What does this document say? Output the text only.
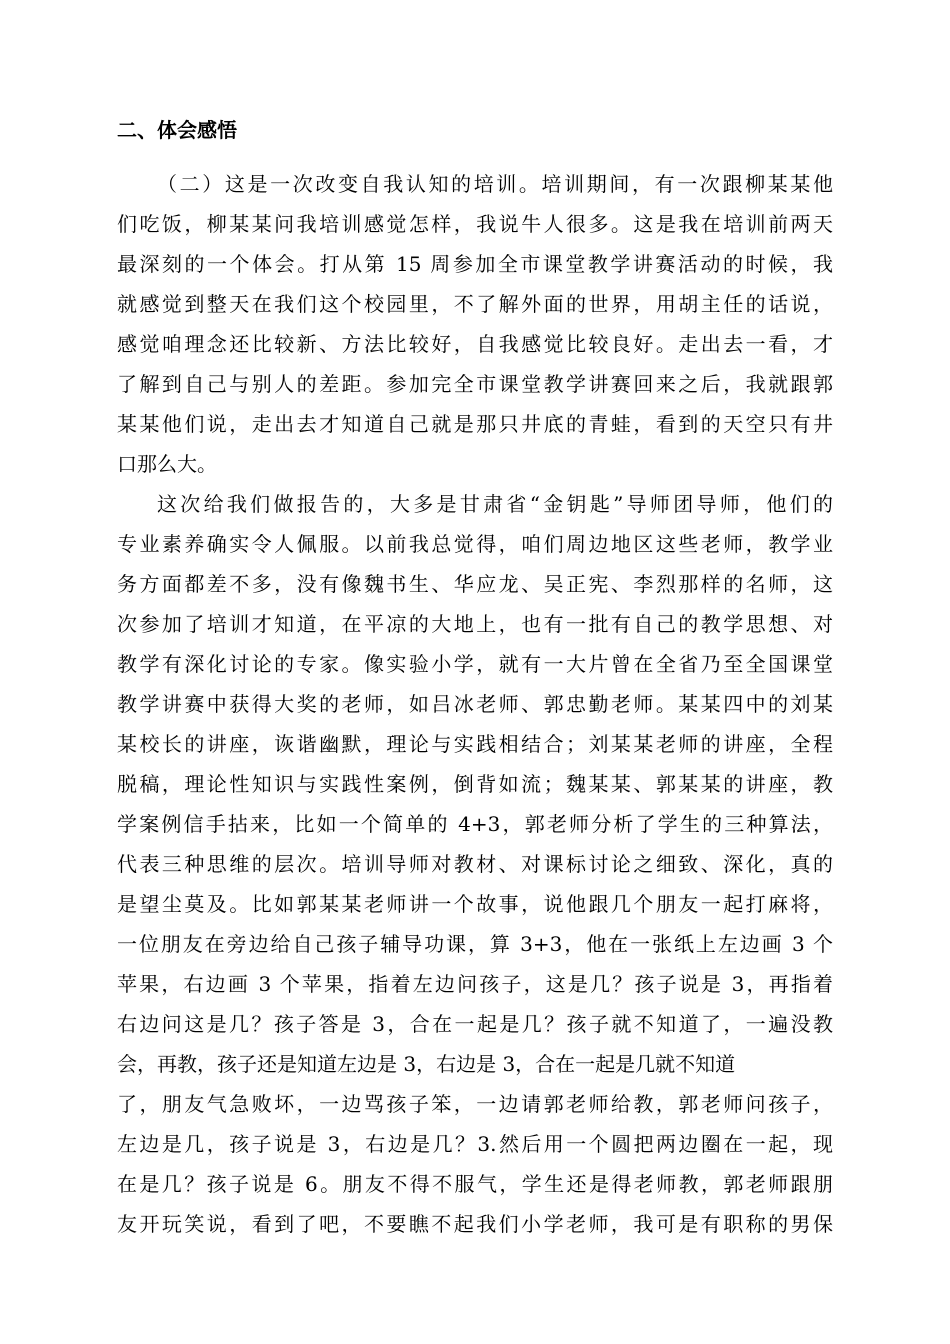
二、体会感悟
（二）这是一次改变自我认知的培训。培训期间，有一次跟柳某某他
们吃饭，柳某某问我培训感觉怎样，我说牛人很多。这是我在培训前两天
最深刻的一个体会。打从第 15 周参加全市课堂教学讲赛活动的时候，我
就感觉到整天在我们这个校园里，不了解外面的世界，用胡主任的话说，
感觉咱理念还比较新、方法比较好，自我感觉比较良好。走出去一看，才
了解到自己与别人的差距。参加完全市课堂教学讲赛回来之后，我就跟郭
某某他们说，走出去才知道自己就是那只井底的青蛙，看到的天空只有井
口那么大。
这次给我们做报告的，大多是甘肃省“金钥匙”导师团导师，他们的
专业素养确实令人佩服。以前我总觉得，咱们周边地区这些老师，教学业
务方面都差不多，没有像魏书生、华应龙、吴正宪、李烈那样的名师，这
次参加了培训才知道，在平凉的大地上，也有一批有自己的教学思想、对
教学有深化讨论的专家。像实验小学，就有一大片曾在全省乃至全国课堂
教学讲赛中获得大奖的老师，如吕冰老师、郭忠勤老师。某某四中的刘某
某校长的讲座，诙谐幽默，理论与实践相结合；刘某某老师的讲座，全程
脱稿，理论性知识与实践性案例，倒背如流；魏某某、郭某某的讲座，教
学案例信手拈来，比如一个简单的 4+3，郭老师分析了学生的三种算法，
代表三种思维的层次。培训导师对教材、对课标讨论之细致、深化，真的
是望尘莫及。比如郭某某老师讲一个故事，说他跟几个朋友一起打麻将，
一位朋友在旁边给自己孩子辅导功课，算 3+3，他在一张纸上左边画 3 个
苹果，右边画 3 个苹果，指着左边问孩子，这是几？孩子说是 3，再指着
右边问这是几？孩子答是 3，合在一起是几？孩子就不知道了，一遍没教
会，再教，孩子还是知道左边是 3，右边是 3，合在一起是几就不知道
了，朋友气急败坏，一边骂孩子笨，一边请郭老师给教，郭老师问孩子，
左边是几，孩子说是 3，右边是几？3.然后用一个圆把两边圈在一起，现
在是几？孩子说是 6。朋友不得不服气，学生还是得老师教，郭老师跟朋
友开玩笑说，看到了吧，不要瞧不起我们小学老师，我可是有职称的男保
